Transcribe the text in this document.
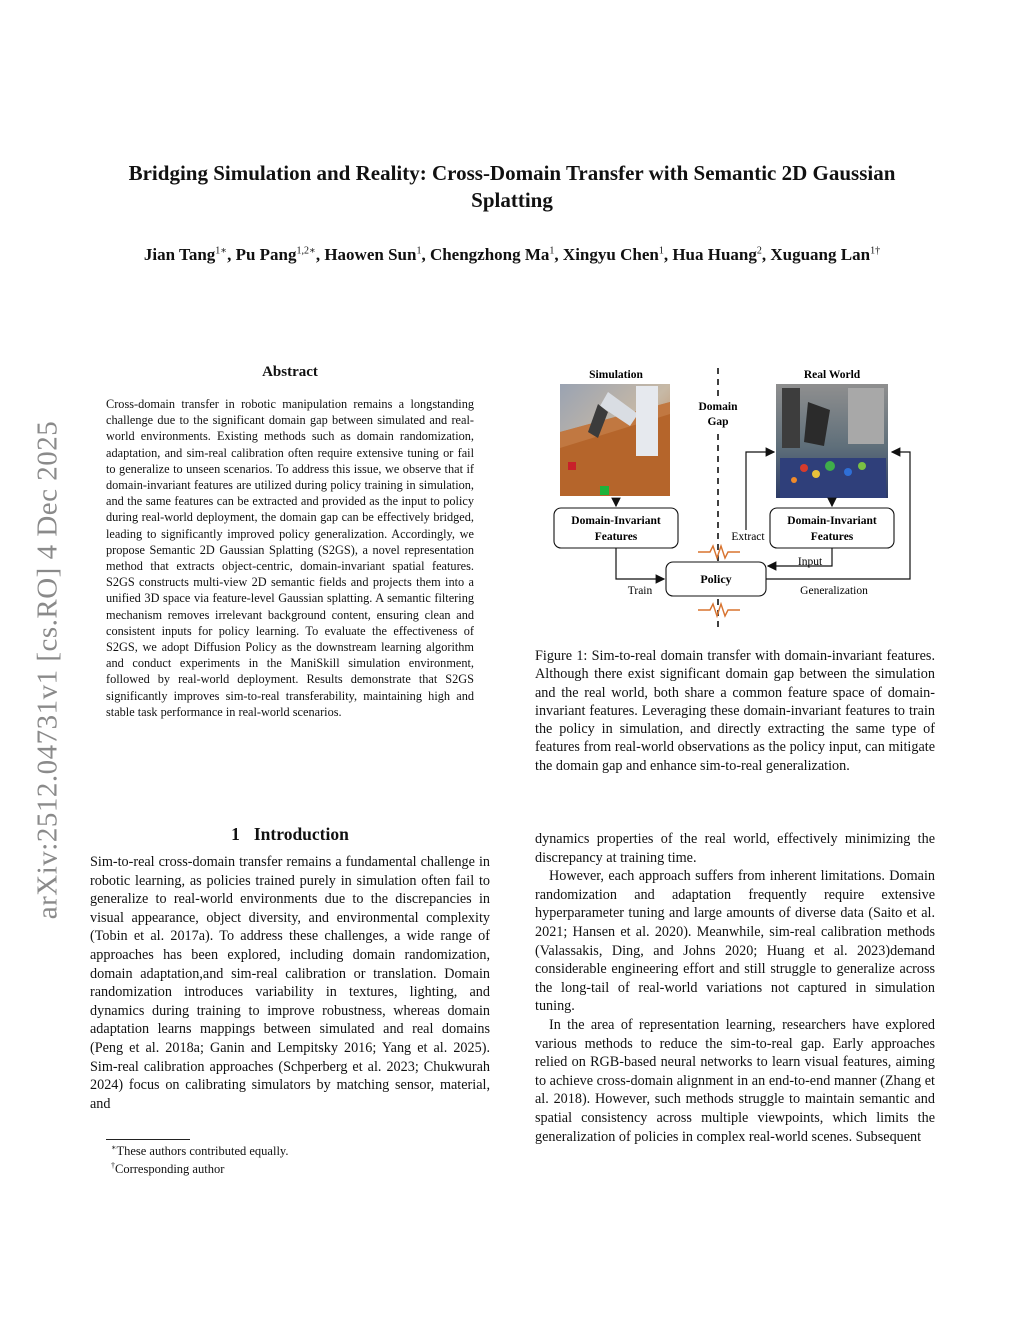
arXiv:2512.04731v1 [cs.RO] 4 Dec 2025
Bridging Simulation and Reality: Cross-Domain Transfer with Semantic 2D Gaussian Splatting
Jian Tang$^{1∗}$, Pu Pang$^{1,2∗}$, Haowen Sun$^1$, Chengzhong Ma$^1$, Xingyu Chen$^1$, Hua Huang$^2$, Xuguang Lan$^{1\dagger}$
Abstract
Cross-domain transfer in robotic manipulation remains a longstanding challenge due to the significant domain gap between simulated and real-world environments. Existing methods such as domain randomization, adaptation, and sim-real calibration often require extensive tuning or fail to generalize to unseen scenarios. To address this issue, we observe that if domain-invariant features are utilized during policy training in simulation, and the same features can be extracted and provided as the input to policy during real-world deployment, the domain gap can be effectively bridged, leading to significantly improved policy generalization. Accordingly, we propose Semantic 2D Gaussian Splatting (S2GS), a novel representation method that extracts object-centric, domain-invariant spatial features. S2GS constructs multi-view 2D semantic fields and projects them into a unified 3D space via feature-level Gaussian splatting. A semantic filtering mechanism removes irrelevant background content, ensuring clean and consistent inputs for policy learning. To evaluate the effectiveness of S2GS, we adopt Diffusion Policy as the downstream learning algorithm and conduct experiments in the ManiSkill simulation environment, followed by real-world deployment. Results demonstrate that S2GS significantly improves sim-to-real transferability, maintaining high and stable task performance in real-world scenarios.
Simulation	Real World
Domain
Gap
Domain-Invariant
Features
Domain-Invariant
Features
Extract
Policy
Train
Input
Generalization
Figure 1: Sim-to-real domain transfer with domain-invariant features. Although there exist significant domain gap between the simulation and the real world, both share a common feature space of domain-invariant features. Leveraging these domain-invariant features to train the policy in simulation, and directly extracting the same type of features from real-world observations as the policy input, can mitigate the domain gap and enhance sim-to-real generalization.
1 Introduction

Sim-to-real cross-domain transfer remains a fundamental challenge in robotic learning, as policies trained purely in simulation often fail to generalize to real-world environments due to the discrepancies in visual appearance, object diversity, and environmental complexity (Tobin et al. 2017a). To address these challenges, a wide range of approaches has been explored, including domain randomization, domain adaptation,and sim-real calibration or translation. Domain randomization introduces variability in textures, lighting, and dynamics during training to improve robustness, whereas domain adaptation learns mappings between simulated and real domains (Peng et al. 2018a; Ganin and Lempitsky 2016; Yang et al. 2025). Sim-real calibration approaches (Schperberg et al. 2023; Chukwurah 2024) focus on calibrating simulators by matching sensor, material, and

dynamics properties of the real world, effectively minimizing the discrepancy at training time.

However, each approach suffers from inherent limitations. Domain randomization and adaptation frequently require extensive hyperparameter tuning and large amounts of diverse data (Saito et al. 2021; Hansen et al. 2020). Meanwhile, sim-real calibration methods (Valassakis, Ding, and Johns 2020; Huang et al. 2023)demand considerable engineering effort and still struggle to generalize across the long-tail of real-world variations not captured in simulation tuning.

In the area of representation learning, researchers have explored various methods to reduce the sim-to-real gap. Early approaches relied on RGB-based neural networks to learn visual features, aiming to achieve cross-domain alignment in an end-to-end manner (Zhang et al. 2018). However, such methods struggle to maintain semantic and spatial consistency across multiple viewpoints, which limits the generalization of policies in complex real-world scenes. Subsequent

∗These authors contributed equally.
†Corresponding author
